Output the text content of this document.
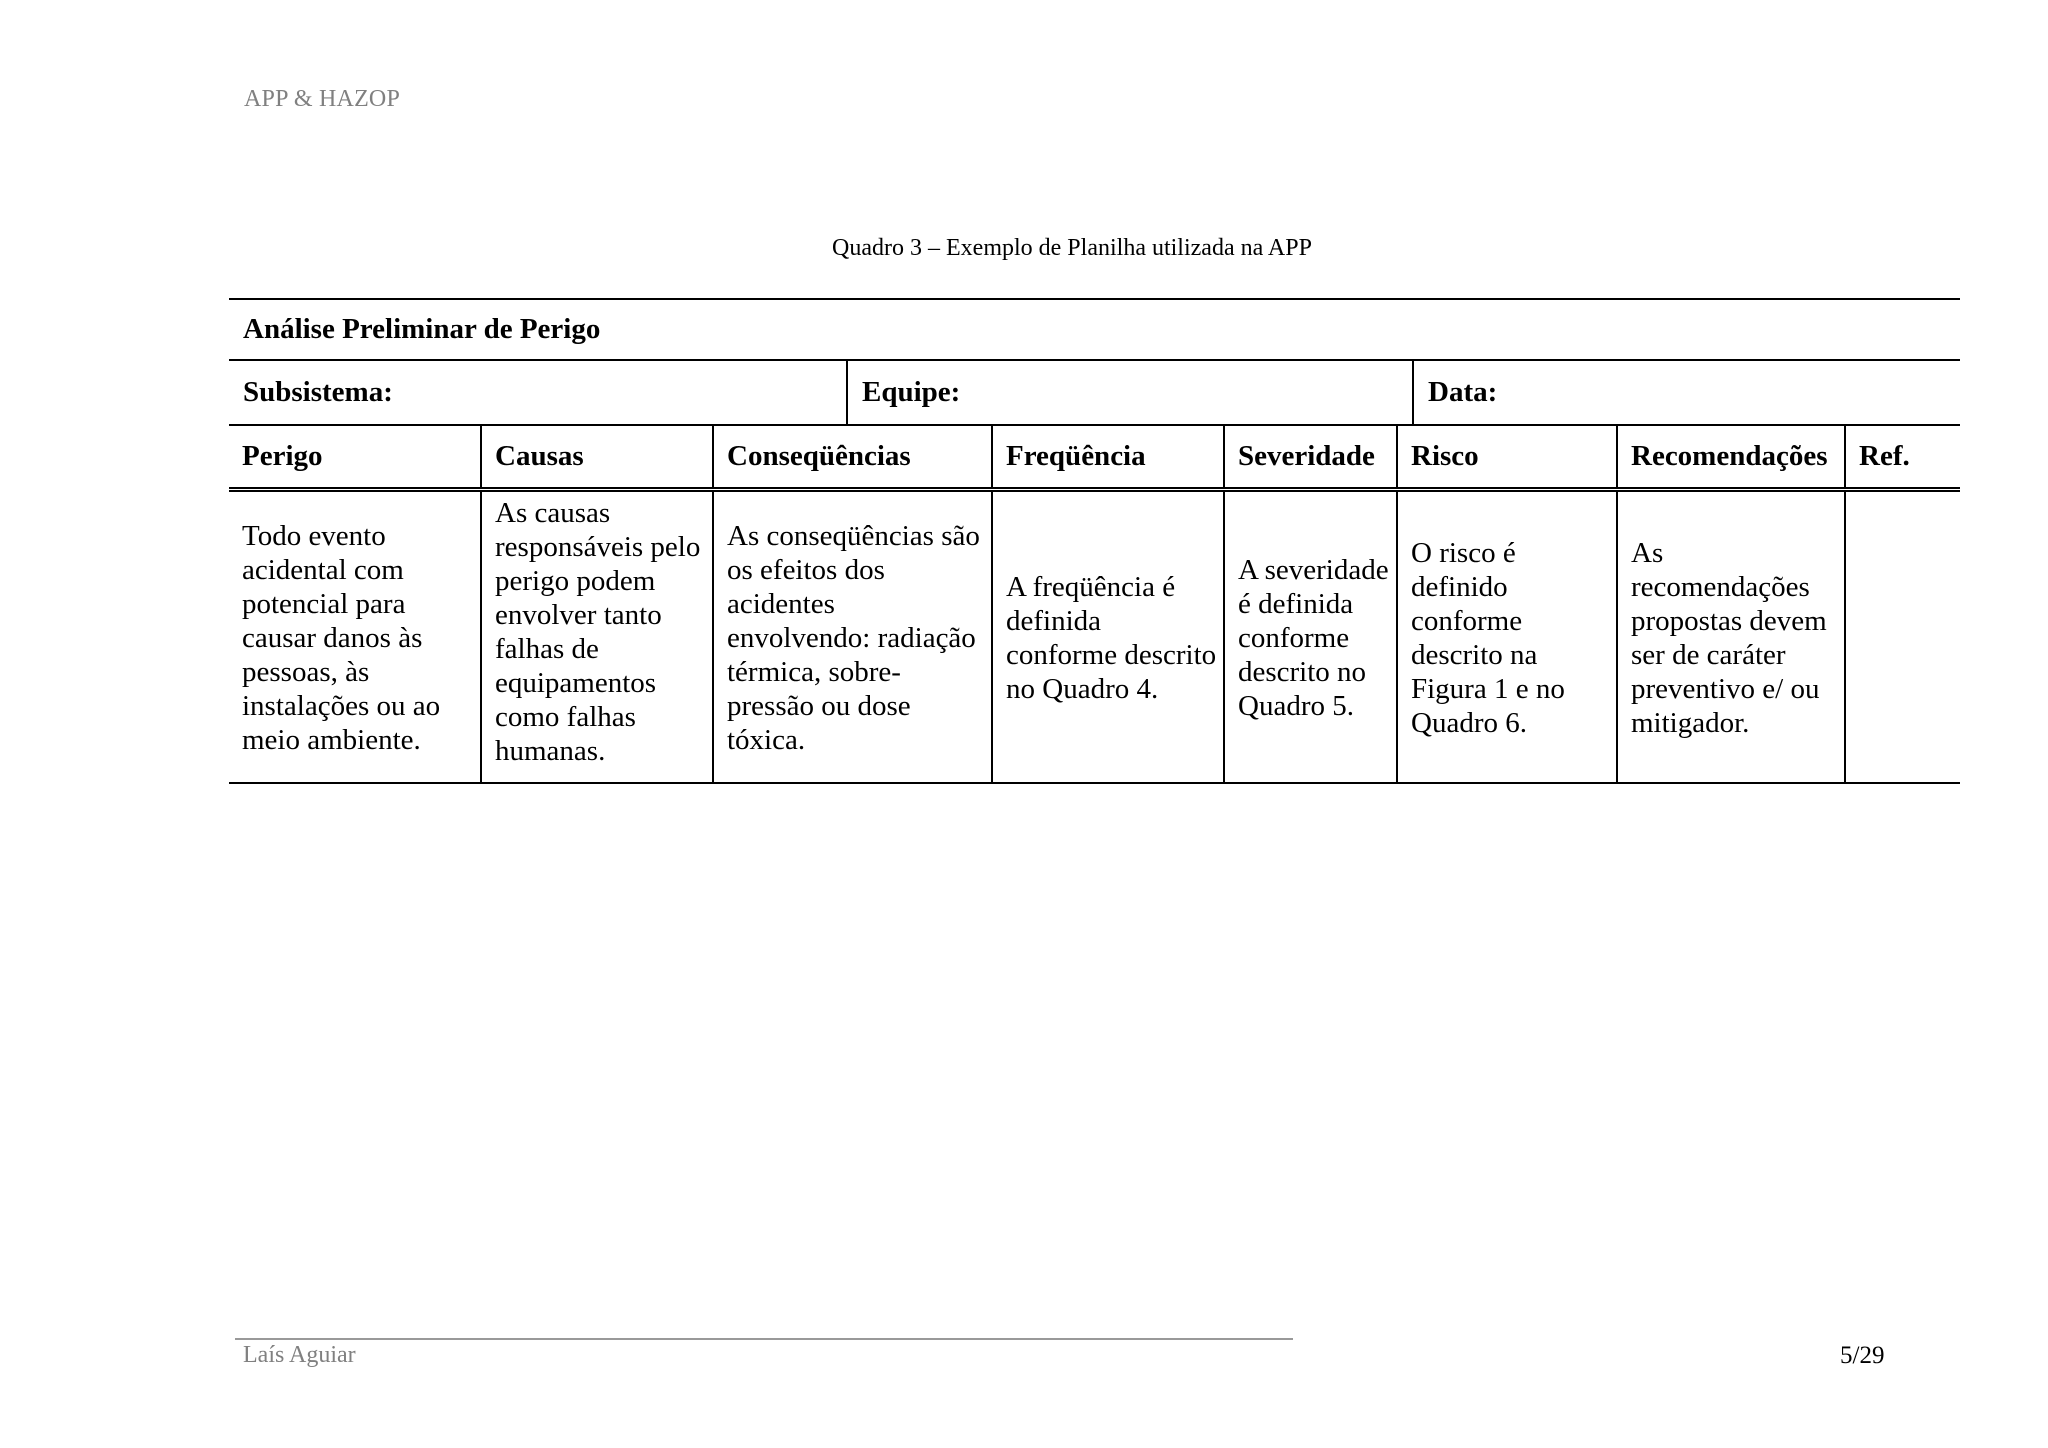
APP & HAZOP
Quadro 3 – Exemplo de Planilha utilizada na APP
Análise Preliminar de Perigo
Subsistema:	Equipe:	Data:
Perigo	Causas	Conseqüências	Freqüência	Severidade	Risco	Recomendações	Ref.
Todo evento acidental com potencial para causar danos às pessoas, às instalações ou ao meio ambiente.	As causas responsáveis pelo perigo podem envolver tanto falhas de equipamentos como falhas humanas.	As conseqüências são os efeitos dos acidentes envolvendo: radiação térmica, sobre-pressão ou dose tóxica.	A freqüência é definida conforme descrito no Quadro 4.	A severidade é definida conforme descrito no Quadro 5.	O risco é definido conforme descrito na Figura 1 e no Quadro 6.	As recomendações propostas devem ser de caráter preventivo e/ ou mitigador.	
Laís Aguiar	5/29
